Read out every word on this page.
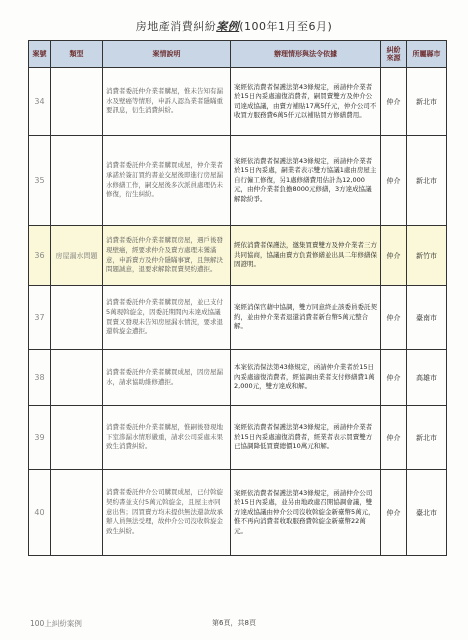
房地產消費糾紛案例(100年1月至6月)
案號	類型	案情說明	辦理情形與法令依據	糾紛來源	所屬縣市
34		消費者委託仲介業者購屋，惟未告知有漏水及壁癌等情形，申訴人認為業者隱瞞重要訊息，衍生消費糾紛。	案經依消費者保護法第43條規定，函請仲介業者於15日內妥處適復消費者，嗣買賣雙方及仲介公司達成協議，由賣方補貼17萬5仟元，仲介公司不收買方服務費6萬5仟元以補貼買方修繕費用。	仲介	新北市
35		消費者委託仲介業者購買成屋，仲介業者承諾於簽訂買約書並交屋後即進行房屋漏水修繕工作，嗣交屋後多次派員處理仍未修復，衍生糾紛。	案經依消費者保護法第43條規定，函請仲介業者於15日內妥處，嗣業者表示雙方協議1處由房屋主自行僱工修復，另1處修繕費用估計為12,000元，由仲介業者負擔8000元修繕，3方達成協議解除紛爭。	仲介	新北市
36	房屋漏水問題	消費者委託仲介業者購買房屋，遇戶後發現壁癌，經要求仲介及賣方處理未獲滿意，申訴賣方及仲介隱瞞事實，且無解決問題誠意，退要求解除買賣契約遭拒。	經依消費者保護法，邀集買賣雙方及仲介業者三方共同協商，協議由賣方負責修繕並出具二年修繕保固證明。	仲介	新竹市
37		消費者委託仲介業者購買房屋，並已支付5萬現斡旋金，因委託期間內未達成協議買賣又發現未告知房屋漏水情況，要求退還斡旋金遭拒。	案經消保官藉中協調，雙方同意終止該委員委託契約，並由仲介業者退還消費者新台幣5萬元整合解。	仲介	臺南市
38		消費者委託仲介業者購買成屋，因房屋漏水，請求協助維修遭拒。	本案依消保法第43條規定，函請仲介業者於15日內妥處適復消費者，經協調由業者支付修繕費1萬2,000元，雙方達成和解。	仲介	高雄市
39		消費者委託仲介業者購屋，惟嗣後發現地下室滲漏水情形嚴重，請求公司妥處未果致生消費糾紛。	案經依消費者保護法第43條規定，函請仲介業者於15日內妥處適復消費者，經業者表示買賣雙方已協調降低買賣總價10萬元和解。	仲介	新北市
40		消費者委託仲介公司購買成屋，已付斡旋契約書並支付5萬元斡旋金，且屋主亦同意出售；因買賣方均未提供無法還款故承辦人員無法受理，故仲介公司沒收斡旋金致生糾紛。	案經依消費者保護法第43條規定，函請仲介公司於15日內妥處，並另由地政處召開協調會議，雙方達成協議由仲介公司沒收斡旋金新臺幣5萬元，惟不再向消費者收取服務費斡旋金新臺幣22萬元。	仲介	臺北市
100上糾紛案例	第6頁，共8頁
